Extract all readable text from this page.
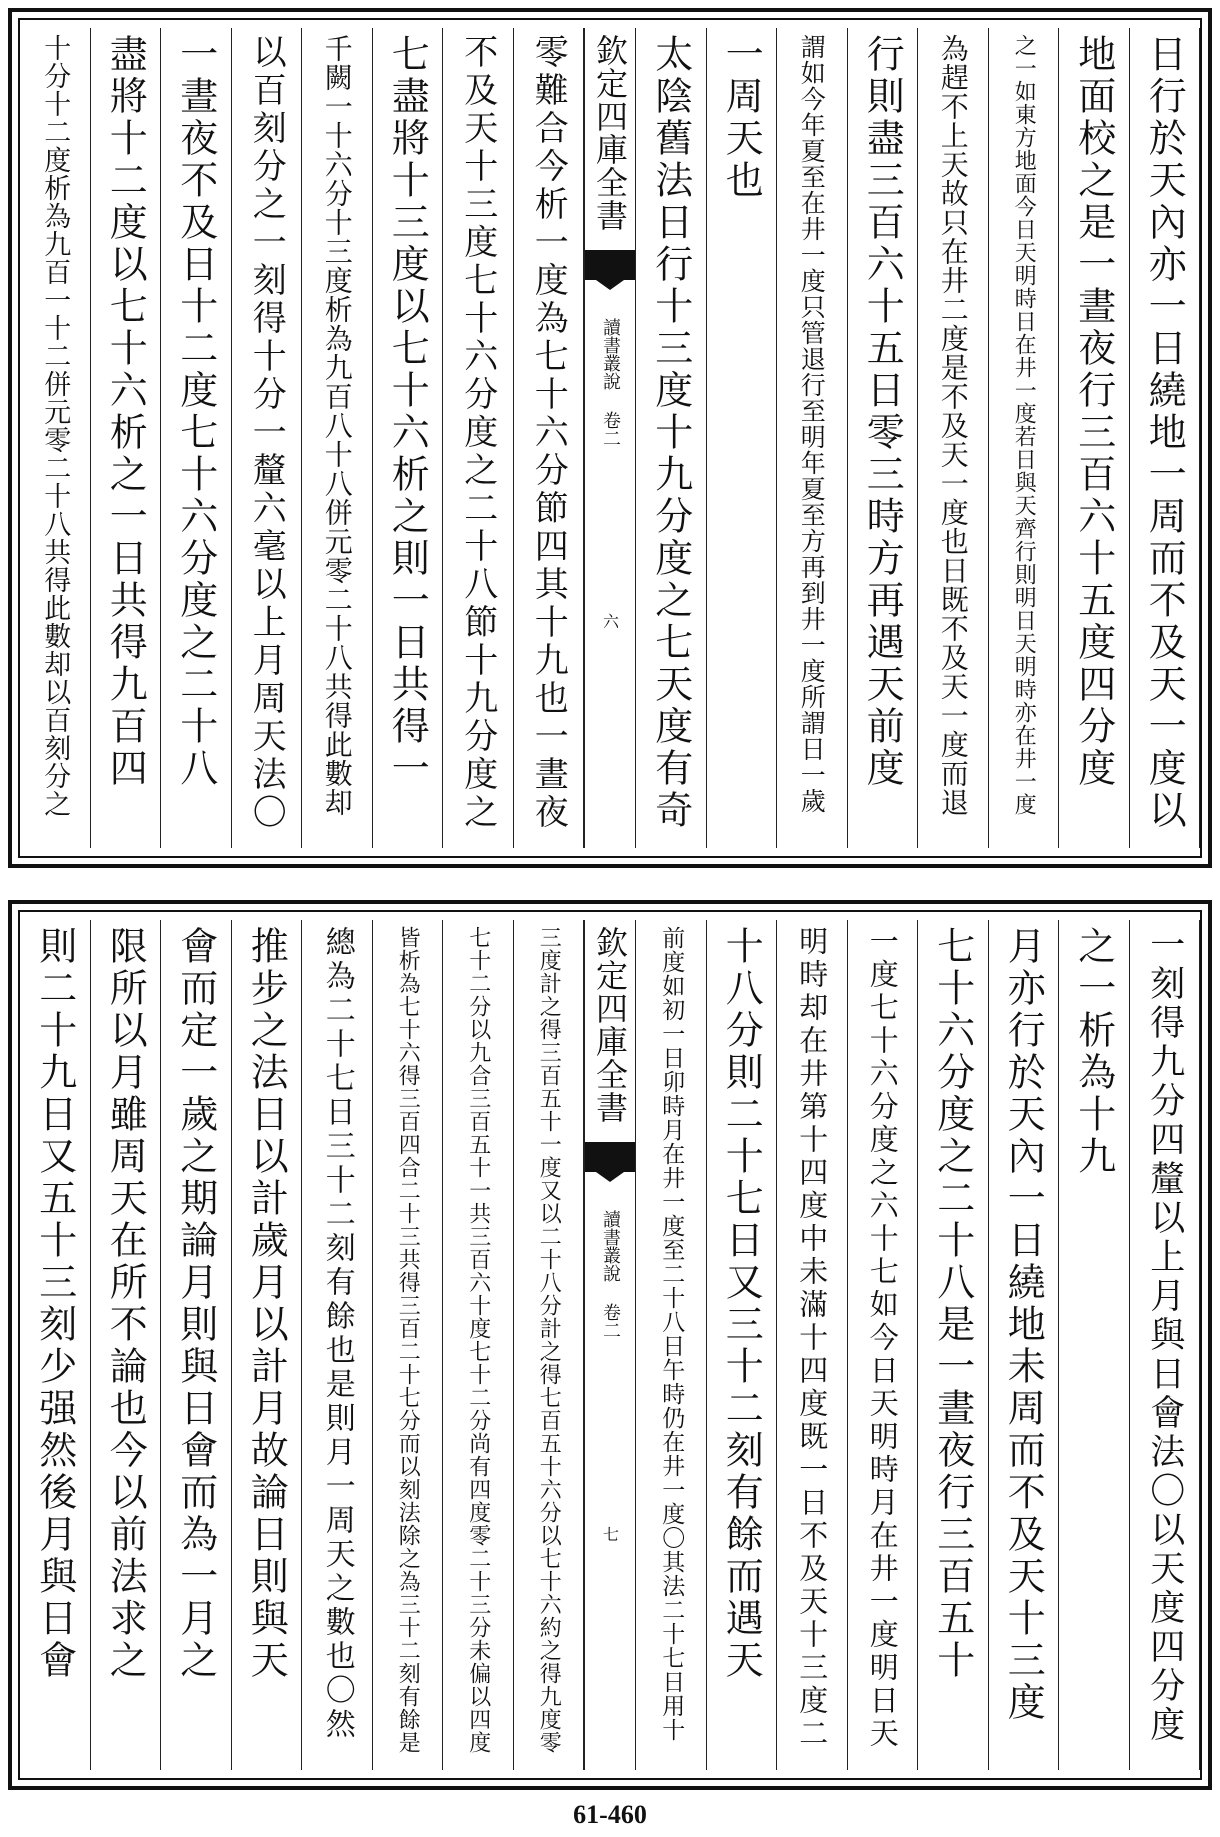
日行於天內亦一日繞地一周而不及天一度以
地面校之是一晝夜行三百六十五度四分度
之一如東方地面今日天明時日在井一度若日與天齊行則明日天明時亦在井一度
為趕不上天故只在井二度是不及天一度也日既不及天一度而退
行則盡三百六十五日零三時方再遇天前度
謂如今年夏至在井一度只管退行至明年夏至方再到井一度所謂日一歲
一周天也
太陰舊法日行十三度十九分度之七天度有奇
零難合今析一度為七十六分節四其十九也一晝夜
不及天十三度七十六分度之二十八節十九分度之
七盡將十三度以七十六析之則一日共得一
千闕一十六分十三度析為九百八十八併元零二十八共得此數却
以百刻分之一刻得十分一釐六毫以上月周天法〇
一晝夜不及日十二度七十六分度之二十八
盡將十二度以七十六析之一日共得九百四
十分十二度析為九百一十二併元零二十八共得此數却以百刻分之	欽定四庫全書
讀書叢說 卷二
六
一刻得九分四釐以上月與日會法〇以天度四分度
之一析為十九
月亦行於天內一日繞地未周而不及天十三度
七十六分度之二十八是一晝夜行三百五十
一度七十六分度之六十七如今日天明時月在井一度明日天
明時却在井第十四度中未滿十四度既一日不及天十三度二
十八分則二十七日又三十二刻有餘而遇天
前度如初一日卯時月在井一度至二十八日午時仍在井一度〇其法二十七日用十
三度計之得三百五十一度又以二十八分計之得七百五十六分以七十六約之得九度零
七十二分以九合三百五十一共三百六十度七十二分尚有四度零二十三分未偏以四度
皆析為七十六得三百四合二十三共得三百二十七分而以刻法除之為三十二刻有餘是
總為二十七日三十二刻有餘也是則月一周天之數也〇然
推步之法日以計歲月以計月故論日則與天
會而定一歲之期論月則與日會而為一月之
限所以月雖周天在所不論也今以前法求之
則二十九日又五十三刻少强然後月與日會	欽定四庫全書
讀書叢說 卷二
七
61-460
